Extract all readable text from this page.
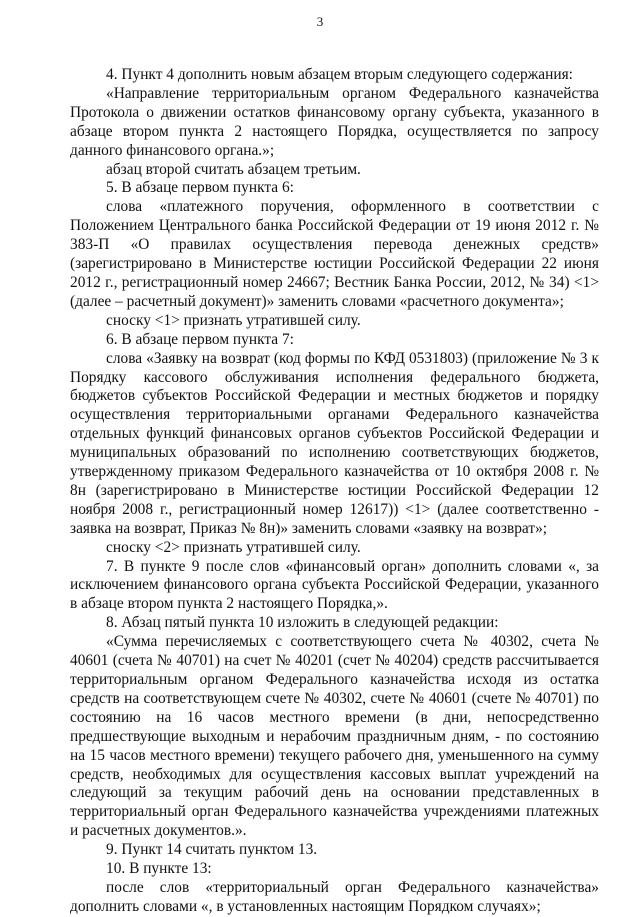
3

4. Пункт 4 дополнить новым абзацем вторым следующего содержания:

«Направление территориальным органом Федерального казначейства Протокола о движении остатков финансовому органу субъекта, указанного в абзаце втором пункта 2 настоящего Порядка, осуществляется по запросу данного финансового органа.»;

абзац второй считать абзацем третьим.

5. В абзаце первом пункта 6:

слова «платежного поручения, оформленного в соответствии с Положением Центрального банка Российской Федерации от 19 июня 2012 г. № 383-П «О правилах осуществления перевода денежных средств» (зарегистрировано в Министерстве юстиции Российской Федерации 22 июня 2012 г., регистрационный номер 24667; Вестник Банка России, 2012, № 34) <1> (далее – расчетный документ)» заменить словами «расчетного документа»;

сноску <1> признать утратившей силу.

6. В абзаце первом пункта 7:

слова «Заявку на возврат (код формы по КФД 0531803) (приложение № 3 к Порядку кассового обслуживания исполнения федерального бюджета, бюджетов субъектов Российской Федерации и местных бюджетов и порядку осуществления территориальными органами Федерального казначейства отдельных функций финансовых органов субъектов Российской Федерации и муниципальных образований по исполнению соответствующих бюджетов, утвержденному приказом Федерального казначейства от 10 октября 2008 г. № 8н (зарегистрировано в Министерстве юстиции Российской Федерации 12 ноября 2008 г., регистрационный номер 12617)) <1> (далее соответственно - заявка на возврат, Приказ № 8н)» заменить словами «заявку на возврат»;

сноску <2> признать утратившей силу.

7. В пункте 9 после слов «финансовый орган» дополнить словами «, за исключением финансового органа субъекта Российской Федерации, указанного в абзаце втором пункта 2 настоящего Порядка,».

8. Абзац пятый пункта 10 изложить в следующей редакции:

«Сумма перечисляемых с соответствующего счета № 40302, счета № 40601 (счета № 40701) на счет № 40201 (счет № 40204) средств рассчитывается территориальным органом Федерального казначейства исходя из остатка средств на соответствующем счете № 40302, счете № 40601 (счете № 40701) по состоянию на 16 часов местного времени (в дни, непосредственно предшествующие выходным и нерабочим праздничным дням, - по состоянию на 15 часов местного времени) текущего рабочего дня, уменьшенного на сумму средств, необходимых для осуществления кассовых выплат учреждений на следующий за текущим рабочий день на основании представленных в территориальный орган Федерального казначейства учреждениями платежных и расчетных документов.».

9. Пункт 14 считать пунктом 13.

10. В пункте 13:

после слов «территориальный орган Федерального казначейства» дополнить словами «, в установленных настоящим Порядком случаях»;
